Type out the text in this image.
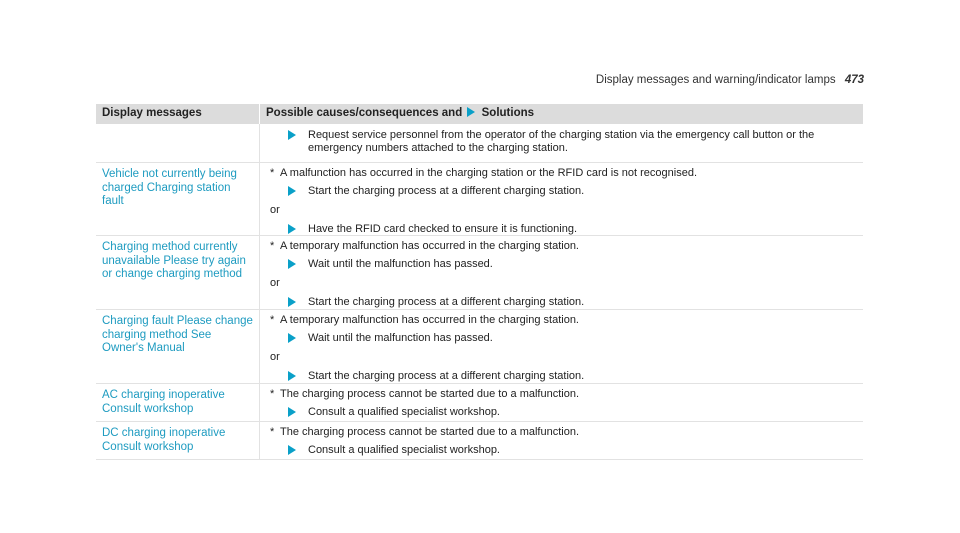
Display messages and warning/indicator lamps 473
Display messages	Possible causes/consequences and Solutions
Request service personnel from the operator of the charging station via the emergency call button or the emergency numbers attached to the charging station.
Vehicle not currently being charged Charging station fault
* A malfunction has occurred in the charging station or the RFID card is not recognised.
Start the charging process at a different charging station.
or
Have the RFID card checked to ensure it is functioning.
Charging method currently unavailable Please try again or change charging method
* A temporary malfunction has occurred in the charging station.
Wait until the malfunction has passed.
or
Start the charging process at a different charging station.
Charging fault Please change charging method See Owner's Manual
* A temporary malfunction has occurred in the charging station.
Wait until the malfunction has passed.
or
Start the charging process at a different charging station.
AC charging inoperative Consult workshop
* The charging process cannot be started due to a malfunction.
Consult a qualified specialist workshop.
DC charging inoperative Consult workshop
* The charging process cannot be started due to a malfunction.
Consult a qualified specialist workshop.
